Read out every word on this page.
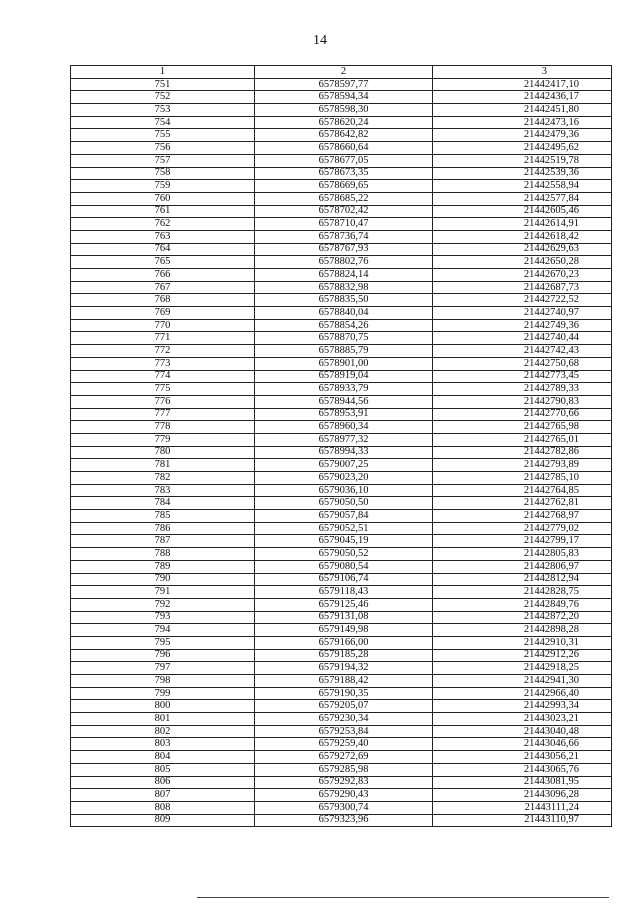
14
1	2	3
751	6578597,77	21442417,10
752	6578594,34	21442436,17
753	6578598,30	21442451,80
754	6578620,24	21442473,16
755	6578642,82	21442479,36
756	6578660,64	21442495,62
757	6578677,05	21442519,78
758	6578673,35	21442539,36
759	6578669,65	21442558,94
760	6578685,22	21442577,84
761	6578702,42	21442605,46
762	6578710,47	21442614,91
763	6578736,74	21442618,42
764	6578767,93	21442629,63
765	6578802,76	21442650,28
766	6578824,14	21442670,23
767	6578832,98	21442687,73
768	6578835,50	21442722,52
769	6578840,04	21442740,97
770	6578854,26	21442749,36
771	6578870,75	21442740,44
772	6578885,79	21442742,43
773	6578901,00	21442750,68
774	6578919,04	21442773,45
775	6578933,79	21442789,33
776	6578944,56	21442790,83
777	6578953,91	21442770,66
778	6578960,34	21442765,98
779	6578977,32	21442765,01
780	6578994,33	21442782,86
781	6579007,25	21442793,89
782	6579023,20	21442785,10
783	6579036,10	21442764,85
784	6579050,50	21442762,81
785	6579057,84	21442768,97
786	6579052,51	21442779,02
787	6579045,19	21442799,17
788	6579050,52	21442805,83
789	6579080,54	21442806,97
790	6579106,74	21442812,94
791	6579118,43	21442828,75
792	6579125,46	21442849,76
793	6579131,08	21442872,20
794	6579149,98	21442898,28
795	6579166,00	21442910,31
796	6579185,28	21442912,26
797	6579194,32	21442918,25
798	6579188,42	21442941,30
799	6579190,35	21442966,40
800	6579205,07	21442993,34
801	6579230,34	21443023,21
802	6579253,84	21443040,48
803	6579259,40	21443046,66
804	6579272,69	21443056,21
805	6579285,98	21443065,76
806	6579292,83	21443081,95
807	6579290,43	21443096,28
808	6579300,74	21443111,24
809	6579323,96	21443110,97
